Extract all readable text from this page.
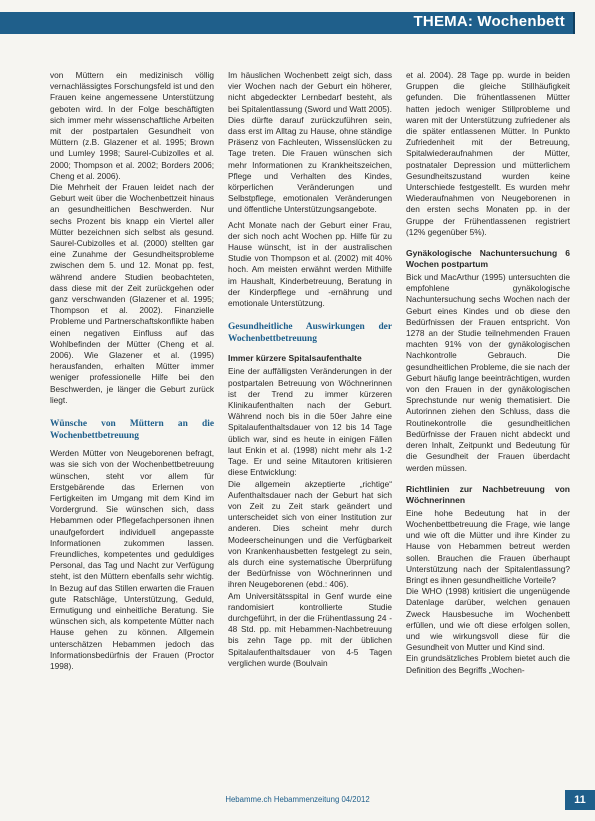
THEMA: Wochenbett

von Müttern ein medizinisch völlig vernachlässigtes Forschungsfeld ist und den Frauen keine angemessene Unterstützung geboten wird. In der Folge beschäftigten sich immer mehr wissenschaftliche Arbeiten mit der postpartalen Gesundheit von Müttern (z.B. Glazener et al. 1995; Brown und Lumley 1998; Saurel-Cubizolles et al. 2000; Thompson et al. 2002; Borders 2006; Cheng et al. 2006).

Die Mehrheit der Frauen leidet nach der Geburt weit über die Wochenbettzeit hinaus an gesundheitlichen Beschwerden. Nur sechs Prozent bis knapp ein Viertel aller Mütter bezeichnen sich selbst als gesund. Saurel-Cubizolles et al. (2000) stellten gar eine Zunahme der Gesundheitsprobleme zwischen dem 5. und 12. Monat pp. fest, während andere Studien beobachteten, dass diese mit der Zeit zurückgehen oder ganz verschwanden (Glazener et al. 1995; Thompson et al. 2002). Finanzielle Probleme und Partnerschaftskonflikte haben einen negativen Einfluss auf das Wohlbefinden der Mütter (Cheng et al. 2006). Wie Glazener et al. (1995) herausfanden, erhalten Mütter immer weniger professionelle Hilfe bei den Beschwerden, je länger die Geburt zurück liegt.

Wünsche von Müttern an die Wochenbettbetreuung

Werden Mütter von Neugeborenen befragt, was sie sich von der Wochenbettbetreuung wünschen, steht vor allem für Erstgebärende das Erlernen von Fertigkeiten im Umgang mit dem Kind im Vordergrund. Sie wünschen sich, dass Hebammen oder Pflegefachpersonen ihnen unaufgefordert individuell angepasste Informationen zukommen lassen. Freundliches, kompetentes und geduldiges Personal, das Tag und Nacht zur Verfügung steht, ist den Müttern ebenfalls sehr wichtig. In Bezug auf das Stillen erwarten die Frauen gute Ratschläge, Unterstützung, Geduld, Ermutigung und einheitliche Beratung. Sie wünschen sich, als kompetente Mütter nach Hause gehen zu können. Allgemein unterschätzen Hebammen jedoch das Informationsbedürfnis der Frauen (Proctor 1998).

Im häuslichen Wochenbett zeigt sich, dass vier Wochen nach der Geburt ein höherer, nicht abgedeckter Lernbedarf besteht, als bei Spitalentlassung (Sword und Watt 2005). Dies dürfte darauf zurückzuführen sein, dass erst im Alltag zu Hause, ohne ständige Präsenz von Fachleuten, Wissenslücken zu Tage treten. Die Frauen wünschen sich mehr Informationen zu Krankheitszeichen, Pflege und Verhalten des Kindes, körperlichen Veränderungen und Selbstpflege, emotionalen Veränderungen und öffentliche Unterstützungsangebote.

Acht Monate nach der Geburt einer Frau, der sich noch acht Wochen pp. Hilfe für zu Hause wünscht, ist in der australischen Studie von Thompson et al. (2002) mit 40% hoch. Am meisten erwähnt werden Mithilfe im Haushalt, Kinderbetreuung, Beratung in der Kinderpflege und -ernährung und emotionale Unterstützung.

Gesundheitliche Auswirkungen der Wochenbettbetreuung
Immer kürzere Spitalsaufenthalte

Eine der auffälligsten Veränderungen in der postpartalen Betreuung von Wöchnerinnen ist der Trend zu immer kürzeren Klinikaufenthalten nach der Geburt. Während noch bis in die 50er Jahre eine Spitalaufenthaltsdauer von 12 bis 14 Tage üblich war, sind es heute in einigen Fällen laut Enkin et al. (1998) nicht mehr als 1-2 Tage. Er und seine Mitautoren kritisieren diese Entwicklung:

Die allgemein akzeptierte „richtige“ Aufenthaltsdauer nach der Geburt hat sich von Zeit zu Zeit stark geändert und unterscheidet sich von einer Institution zur anderen. Dies scheint mehr durch Modeerscheinungen und die Verfügbarkeit von Krankenhausbetten festgelegt zu sein, als durch eine systematische Überprüfung der Bedürfnisse von Wöchnerinnen und ihren Neugeborenen (ebd.: 406).

Am Universitätsspital in Genf wurde eine randomisiert kontrollierte Studie durchgeführt, in der die Frühentlassung 24 - 48 Std. pp. mit Hebammen-Nachbetreuung bis zehn Tage pp. mit der üblichen Spitalaufenthaltsdauer von 4-5 Tagen verglichen wurde (Boulvain

et al. 2004). 28 Tage pp. wurde in beiden Gruppen die gleiche Stillhäufigkeit gefunden. Die frühentlassenen Mütter hatten jedoch weniger Stillprobleme und waren mit der Unterstützung zufriedener als die später entlassenen Mütter. In Punkto Zufriedenheit mit der Betreuung, Spitalwiederaufnahmen der Mütter, postnataler Depression und mütterlichem Gesundheitszustand wurden keine Unterschiede festgestellt. Es wurden mehr Wiederaufnahmen von Neugeborenen in den ersten sechs Monaten pp. in der Gruppe der Frühentlassenen registriert (12% gegenüber 5%).

Gynäkologische Nachuntersuchung 6 Wochen postpartum

Bick und MacArthur (1995) untersuchten die empfohlene gynäkologische Nachuntersuchung sechs Wochen nach der Geburt eines Kindes und ob diese den Bedürfnissen der Frauen entspricht. Von 1278 an der Studie teilnehmenden Frauen machten 91% von der gynäkologischen Nachkontrolle Gebrauch. Die gesundheitlichen Probleme, die sie nach der Geburt häufig lange beeinträchtigen, wurden von den Frauen in der gynäkologischen Sprechstunde nur wenig thematisiert. Die Autorinnen ziehen den Schluss, dass die Routinekontrolle die gesundheitlichen Bedürfnisse der Frauen nicht abdeckt und deren Inhalt, Zeitpunkt und Bedeutung für die Gesundheit der Frauen überdacht werden müssen.

Richtlinien zur Nachbetreuung von Wöchnerinnen

Eine hohe Bedeutung hat in der Wochenbettbetreuung die Frage, wie lange und wie oft die Mütter und ihre Kinder zu Hause von Hebammen betreut werden sollen. Brauchen die Frauen überhaupt Unterstützung nach der Spitalentlassung? Bringt es ihnen gesundheitliche Vorteile?

Die WHO (1998) kritisiert die ungenügende Datenlage darüber, welchen genauen Zweck Hausbesuche im Wochenbett erfüllen, und wie oft diese erfolgen sollen, und wie wirkungsvoll diese für die Gesundheit von Mutter und Kind sind.

Ein grundsätzliches Problem bietet auch die Definition des Begriffs „Wochen-

Hebamme.ch Hebammenzeitung 04/2012	11
